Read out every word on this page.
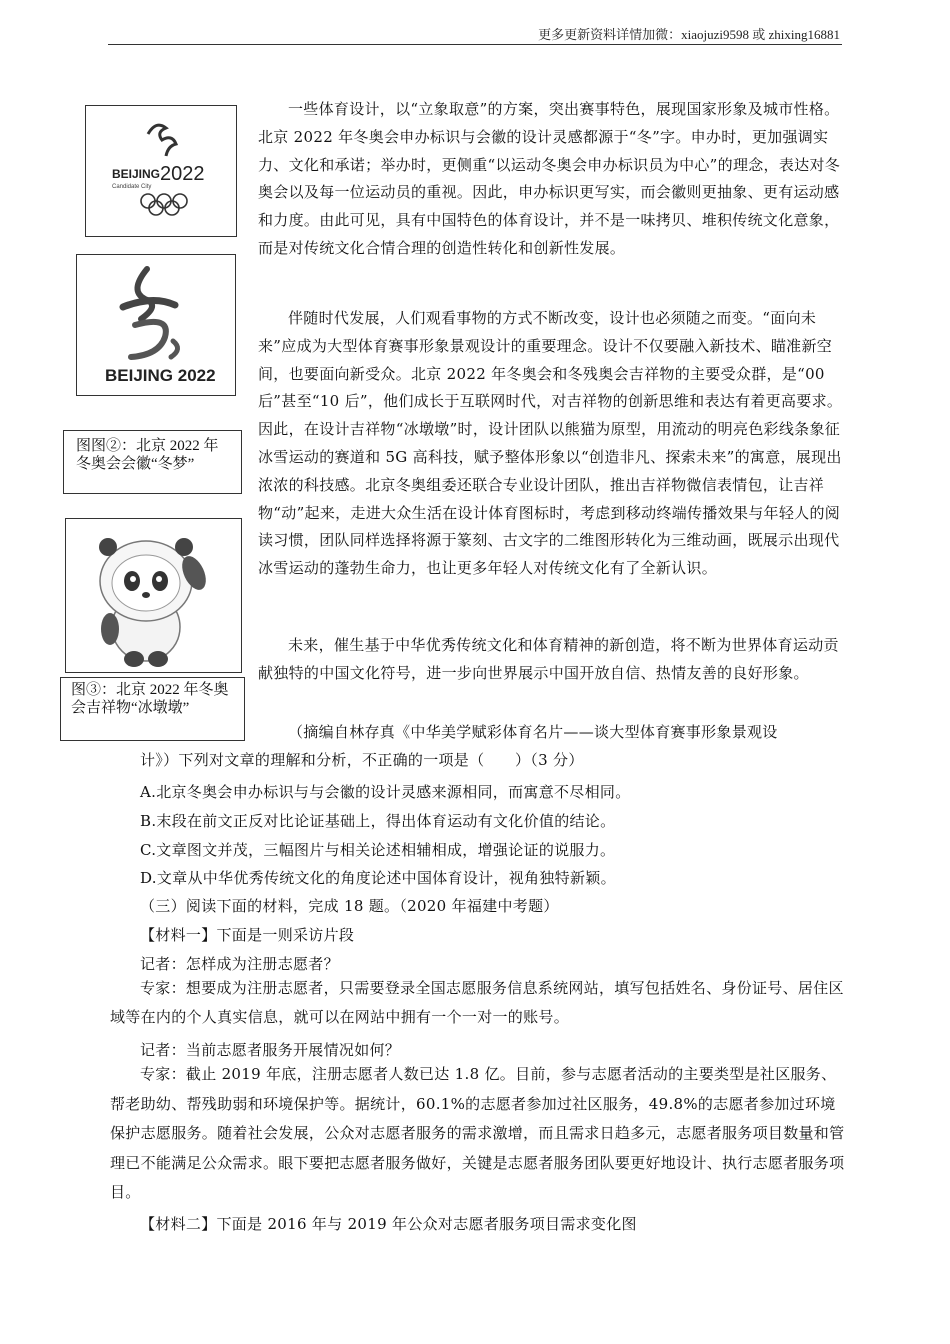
更多更新资料详情加微：xiaojuzi9598 或 zhixing16881
BEIJING 2022
Candidate City
BEIJING 2022
图图②：北京 2022 年冬奥会会徽“冬梦”
图③：北京 2022 年冬奥会吉祥物“冰墩墩”

一些体育设计，以“立象取意”的方案，突出赛事特色，展现国家形象及城市性格。北京 2022 年冬奥会申办标识与会徽的设计灵感都源于“冬”字。申办时，更加强调实力、文化和承诺；举办时，更侧重“以运动冬奥会申办标识员为中心”的理念，表达对冬奥会以及每一位运动员的重视。因此，申办标识更写实，而会徽则更抽象、更有运动感和力度。由此可见，具有中国特色的体育设计，并不是一味拷贝、堆积传统文化意象，而是对传统文化合情合理的创造性转化和创新性发展。

伴随时代发展，人们观看事物的方式不断改变，设计也必须随之而变。“面向未来”应成为大型体育赛事形象景观设计的重要理念。设计不仅要融入新技术、瞄准新空间，也要面向新受众。北京 2022 年冬奥会和冬残奥会吉祥物的主要受众群，是“00 后”甚至“10 后”，他们成长于互联网时代，对吉祥物的创新思维和表达有着更高要求。因此，在设计吉祥物“冰墩墩”时，设计团队以熊猫为原型，用流动的明亮色彩线条象征冰雪运动的赛道和 5G 高科技，赋予整体形象以“创造非凡、探索未来”的寓意，展现出浓浓的科技感。北京冬奥组委还联合专业设计团队，推出吉祥物微信表情包，让吉祥物“动”起来，走进大众生活在设计体育图标时，考虑到移动终端传播效果与年轻人的阅读习惯，团队同样选择将源于篆刻、古文字的二维图形转化为三维动画，既展示出现代冰雪运动的蓬勃生命力，也让更多年轻人对传统文化有了全新认识。

未来，催生基于中华优秀传统文化和体育精神的新创造，将不断为世界体育运动贡献独特的中国文化符号，进一步向世界展示中国开放自信、热情友善的良好形象。

（摘编自林存真《中华美学赋彩体育名片——谈大型体育赛事形象景观设
计》）下列对文章的理解和分析，不正确的一项是（　　）（3 分）
A.北京冬奥会申办标识与与会徽的设计灵感来源相同，而寓意不尽相同。
B.末段在前文正反对比论证基础上，得出体育运动有文化价值的结论。
C.文章图文并茂，三幅图片与相关论述相辅相成，增强论证的说服力。
D.文章从中华优秀传统文化的角度论述中国体育设计，视角独特新颖。
（三）阅读下面的材料，完成 18 题。（2020 年福建中考题）
【材料一】下面是一则采访片段
记者：怎样成为注册志愿者？

专家：想要成为注册志愿者，只需要登录全国志愿服务信息系统网站，填写包括姓名、身份证号、居住区域等在内的个人真实信息，就可以在网站中拥有一个一对一的账号。

记者：当前志愿者服务开展情况如何？

专家：截止 2019 年底，注册志愿者人数已达 1.8 亿。目前，参与志愿者活动的主要类型是社区服务、帮老助幼、帮残助弱和环境保护等。据统计，60.1%的志愿者参加过社区服务，49.8%的志愿者参加过环境保护志愿服务。随着社会发展，公众对志愿者服务的需求激增，而且需求日趋多元，志愿者服务项目数量和管理已不能满足公众需求。眼下要把志愿者服务做好，关键是志愿者服务团队要更好地设计、执行志愿者服务项目。

【材料二】下面是 2016 年与 2019 年公众对志愿者服务项目需求变化图
